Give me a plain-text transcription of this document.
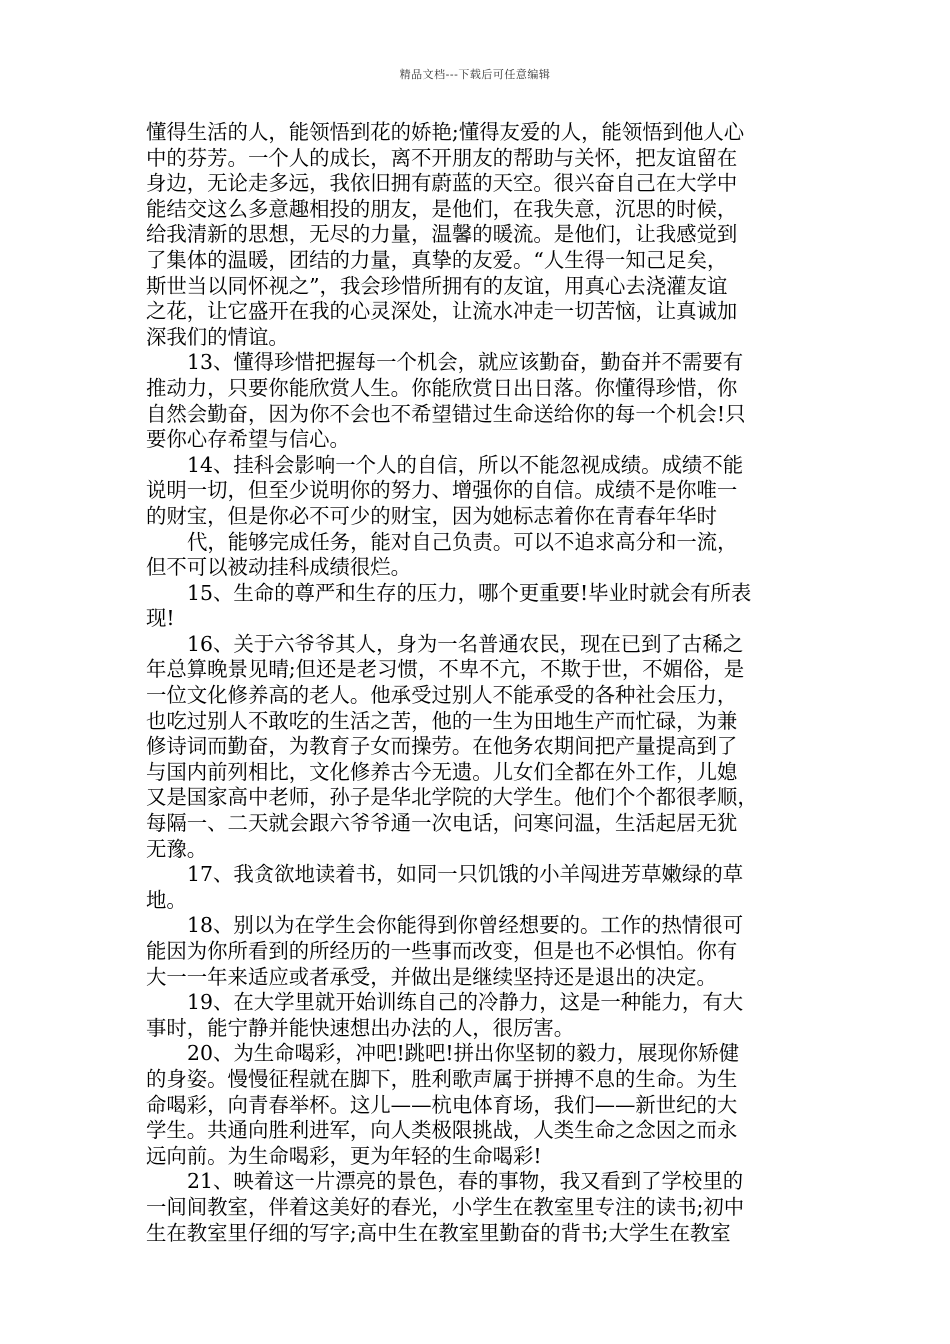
精品文档---下载后可任意编辑
懂得生活的人，能领悟到花的娇艳;懂得友爱的人，能领悟到他人心
中的芬芳。一个人的成长，离不开朋友的帮助与关怀，把友谊留在
身边，无论走多远，我依旧拥有蔚蓝的天空。很兴奋自己在大学中
能结交这么多意趣相投的朋友，是他们，在我失意，沉思的时候，
给我清新的思想，无尽的力量，温馨的暖流。是他们，让我感觉到
了集体的温暖，团结的力量，真挚的友爱。“人生得一知己足矣，
斯世当以同怀视之”，我会珍惜所拥有的友谊，用真心去浇灌友谊
之花，让它盛开在我的心灵深处，让流水冲走一切苦恼，让真诚加
深我们的情谊。
13、懂得珍惜把握每一个机会，就应该勤奋，勤奋并不需要有
推动力，只要你能欣赏人生。你能欣赏日出日落。你懂得珍惜，你
自然会勤奋，因为你不会也不希望错过生命送给你的每一个机会!只
要你心存希望与信心。
14、挂科会影响一个人的自信，所以不能忽视成绩。成绩不能
说明一切，但至少说明你的努力、增强你的自信。成绩不是你唯一
的财宝，但是你必不可少的财宝，因为她标志着你在青春年华时
代，能够完成任务，能对自己负责。可以不追求高分和一流，
但不可以被动挂科成绩很烂。
15、生命的尊严和生存的压力，哪个更重要!毕业时就会有所表
现!
16、关于六爷爷其人，身为一名普通农民，现在已到了古稀之
年总算晚景见晴;但还是老习惯，不卑不亢，不欺于世，不媚俗，是
一位文化修养高的老人。他承受过别人不能承受的各种社会压力，
也吃过别人不敢吃的生活之苦，他的一生为田地生产而忙碌，为兼
修诗词而勤奋，为教育子女而操劳。在他务农期间把产量提高到了
与国内前列相比，文化修养古今无遗。儿女们全都在外工作，儿媳
又是国家高中老师，孙子是华北学院的大学生。他们个个都很孝顺，
每隔一、二天就会跟六爷爷通一次电话，问寒问温，生活起居无犹
无豫。
17、我贪欲地读着书，如同一只饥饿的小羊闯进芳草嫩绿的草
地。
18、别以为在学生会你能得到你曾经想要的。工作的热情很可
能因为你所看到的所经历的一些事而改变，但是也不必惧怕。你有
大一一年来适应或者承受，并做出是继续坚持还是退出的决定。
19、在大学里就开始训练自己的冷静力，这是一种能力，有大
事时，能宁静并能快速想出办法的人，很厉害。
20、为生命喝彩，冲吧!跳吧!拼出你坚韧的毅力，展现你矫健
的身姿。慢慢征程就在脚下，胜利歌声属于拼搏不息的生命。为生
命喝彩，向青春举杯。这儿——杭电体育场，我们——新世纪的大
学生。共通向胜利进军，向人类极限挑战，人类生命之念因之而永
远向前。为生命喝彩，更为年轻的生命喝彩!
21、映着这一片漂亮的景色，春的事物，我又看到了学校里的
一间间教室，伴着这美好的春光，小学生在教室里专注的读书;初中
生在教室里仔细的写字;高中生在教室里勤奋的背书;大学生在教室
